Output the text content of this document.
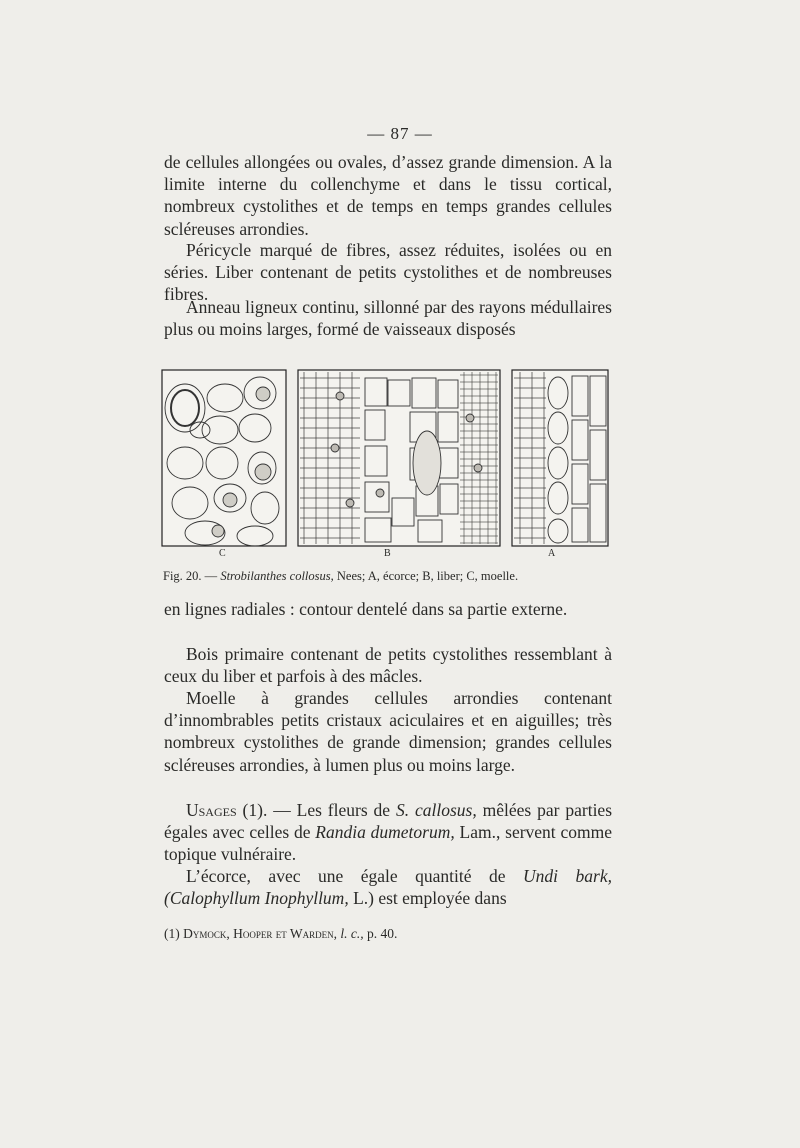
— 87 —

de cellules allongées ou ovales, d’assez grande dimension. A la limite interne du collenchyme et dans le tissu cortical, nombreux cystolithes et de temps en temps grandes cellules scléreuses arrondies.

Péricycle marqué de fibres, assez réduites, isolées ou en séries. Liber contenant de petits cystolithes et de nombreuses fibres.

Anneau ligneux continu, sillonné par des rayons médullaires plus ou moins larges, formé de vaisseaux disposés

C	B	A
Fig. 20. — Strobilanthes collosus, Nees; A, écorce; B, liber; C, moelle.

en lignes radiales : contour dentelé dans sa partie externe.

Bois primaire contenant de petits cystolithes ressemblant à ceux du liber et parfois à des mâcles.

Moelle à grandes cellules arrondies contenant d’innombrables petits cristaux aciculaires et en aiguilles; très nombreux cystolithes de grande dimension; grandes cellules scléreuses arrondies, à lumen plus ou moins large.

Usages (1). — Les fleurs de S. callosus, mêlées par parties égales avec celles de Randia dumetorum, Lam., servent comme topique vulnéraire.

L’écorce, avec une égale quantité de Undi bark, (Calophyllum Inophyllum, L.) est employée dans

(1) Dymock, Hooper et Warden, l. c., p. 40.
